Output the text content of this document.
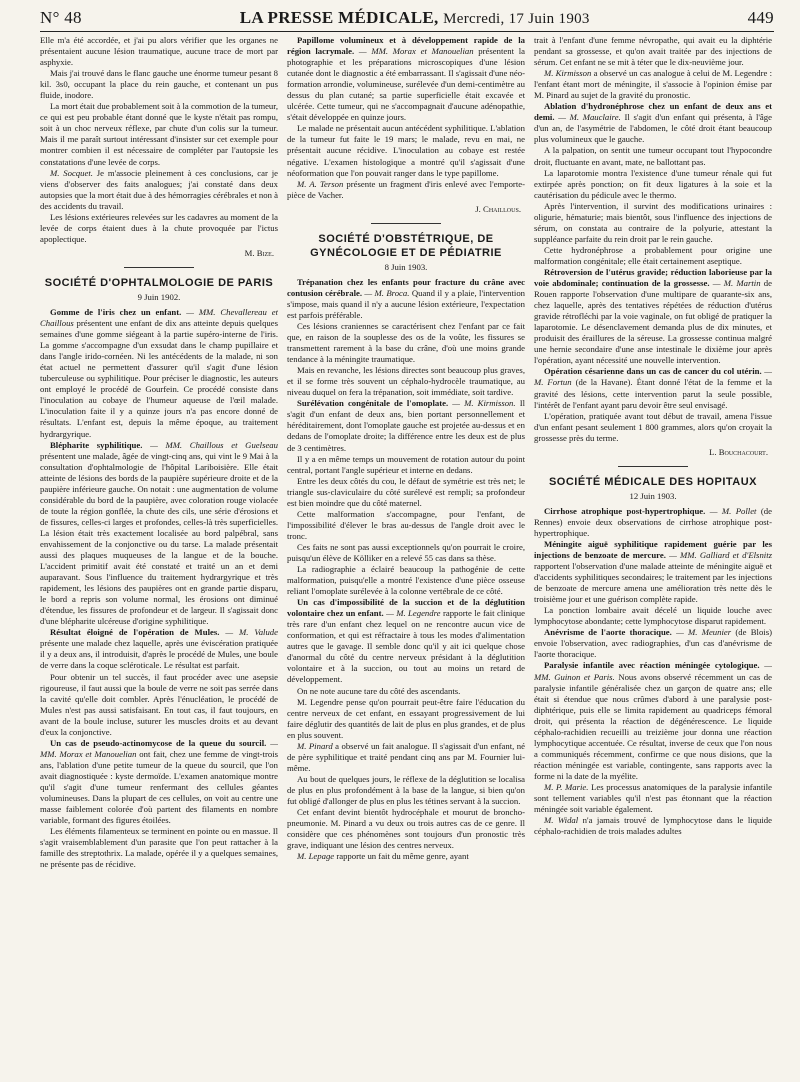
N° 48	LA PRESSE MÉDICALE, Mercredi, 17 Juin 1903	449

Elle m'a été accordée, et j'ai pu alors vérifier que les organes ne présentaient aucune lésion traumatique, aucune trace de mort par asphyxie.

Mais j'ai trouvé dans le flanc gauche une énorme tumeur pesant 8 kil. 3s0, occupant la place du rein gauche, et contenant un pus fluide, inodore.

La mort était due probablement soit à la commotion de la tumeur, ce qui est peu probable étant donné que le kyste n'était pas rompu, soit à un choc nerveux réflexe, par chute d'un colis sur la tumeur. Mais il me paraît surtout intéressant d'insister sur cet exemple pour montrer combien il est nécessaire de compléter par l'autopsie les constatations d'une levée de corps.

M. Socquet. Je m'associe pleinement à ces conclusions, car je viens d'observer des faits analogues; j'ai constaté dans deux autopsies que la mort était due à des hémorragies cérébrales et non à des accidents du travail.

Les lésions extérieures relevées sur les cadavres au moment de la levée de corps étaient dues à la chute provoquée par l'ictus apoplectique.

M. Bize.
SOCIÉTÉ D'OPHTALMOLOGIE DE PARIS
9 Juin 1902.

Gomme de l'iris chez un enfant. — MM. Chevallereau et Chaillous présentent une enfant de dix ans atteinte depuis quelques semaines d'une gomme siégeant à la partie supéro-interne de l'iris. La gomme s'accompagne d'un exsudat dans le champ pupillaire et dans l'angle irido-cornéen. Ni les antécédents de la malade, ni son état actuel ne permettent d'assurer qu'il s'agit d'une lésion tuberculeuse ou syphilitique. Pour préciser le diagnostic, les auteurs ont employé le procédé de Gourfein. Ce procédé consiste dans l'inoculation au cobaye de l'humeur aqueuse de l'œil malade. L'inoculation faite il y a quinze jours n'a pas encore donné de résultats. L'enfant est, depuis la même époque, au traitement hydrargyrique.

Blépharite syphilitique. — MM. Chaillous et Guelseau présentent une malade, âgée de vingt-cinq ans, qui vint le 9 Mai à la consultation d'ophtalmologie de l'hôpital Lariboisière. Elle était atteinte de lésions des bords de la paupière supérieure droite et de la paupière inférieure gauche. On notait : une augmentation de volume considérable du bord de la paupière, avec coloration rouge violacée de toute la région gonflée, la chute des cils, une série d'érosions et de fissures, celles-ci larges et profondes, celles-là très superficielles. La lésion était très exactement localisée au bord palpébral, sans envahissement de la conjonctive ou du tarse. La malade présentait aussi des plaques muqueuses de la langue et de la bouche. L'accident primitif avait été constaté et traité un an et demi auparavant. Sous l'influence du traitement hydrargyrique et très rapidement, les lésions des paupières ont en grande partie disparu, le bord a repris son volume normal, les érosions ont diminué d'étendue, les fissures de profondeur et de largeur. Il s'agissait donc d'une blépharite ulcéreuse d'origine syphilitique.

Résultat éloigné de l'opération de Mules. — M. Valude présente une malade chez laquelle, après une éviscération pratiquée il y a deux ans, il introduisit, d'après le procédé de Mules, une boule de verre dans la coque scléroticale. Le résultat est parfait.

Pour obtenir un tel succès, il faut procéder avec une asepsie rigoureuse, il faut aussi que la boule de verre ne soit pas serrée dans la cavité qu'elle doit combler. Après l'énucléation, le procédé de Mules n'est pas aussi satisfaisant. En tout cas, il faut toujours, en avant de la boule incluse, suturer les muscles droits et au devant d'eux la conjonctive.

Un cas de pseudo-actinomycose de la queue du sourcil. — MM. Morax et Manouelian ont fait, chez une femme de vingt-trois ans, l'ablation d'une petite tumeur de la queue du sourcil, que l'on avait diagnostiquée : kyste dermoïde. L'examen anatomique montre qu'il s'agit d'une tumeur renfermant des cellules géantes volumineuses. Dans la plupart de ces cellules, on voit au centre une masse faiblement colorée d'où partent des filaments en nombre variable, formant des figures étoilées.

Les éléments filamenteux se terminent en pointe ou en massue. Il s'agit vraisemblablement d'un parasite que l'on peut rattacher à la famille des streptothrix. La malade, opérée il y a quelques semaines, ne présente pas de récidive.

Papillome volumineux et à développement rapide de la région lacrymale. — MM. Morax et Manouelian présentent la photographie et les préparations microscopiques d'une lésion cutanée dont le diagnostic a été embarrassant. Il s'agissait d'une néo-formation arrondie, volumineuse, surélevée d'un demi-centimètre au dessus du plan cutané; sa partie superficielle était excavée et ulcérée. Cette tumeur, qui ne s'accompagnait d'aucune adénopathie, s'était développée en quinze jours.

Le malade ne présentait aucun antécédent syphilitique. L'ablation de la tumeur fut faite le 19 mars; le malade, revu en mai, ne présentait aucune récidive. L'inoculation au cobaye est restée négative. L'examen histologique a montré qu'il s'agissait d'une néoformation que l'on pouvait ranger dans le type papillome.

M. A. Terson présente un fragment d'iris enlevé avec l'emporte-pièce de Vacher.

J. Chaillous.
SOCIÉTÉ D'OBSTÉTRIQUE, DE GYNÉCOLOGIE ET DE PÉDIATRIE
8 Juin 1903.

Trépanation chez les enfants pour fracture du crâne avec contusion cérébrale. — M. Broca. Quand il y a plaie, l'intervention s'impose, mais quand il n'y a aucune lésion extérieure, l'expectation est parfois préférable.

Ces lésions craniennes se caractérisent chez l'enfant par ce fait que, en raison de la souplesse des os de la voûte, les fissures se transmettent rarement à la base du crâne, d'où une moins grande tendance à la méningite traumatique.

Mais en revanche, les lésions directes sont beaucoup plus graves, et il se forme très souvent un céphalo-hydrocèle traumatique, au niveau duquel on fera la trépanation, soit immédiate, soit tardive.

Surélévation congénitale de l'omoplate. — M. Kirmisson. Il s'agit d'un enfant de deux ans, bien portant personnellement et héréditairement, dont l'omoplate gauche est projetée au-dessus et en dedans de l'omoplate droite; la différence entre les deux est de plus de 3 centimètres.

Il y a en même temps un mouvement de rotation autour du point central, portant l'angle supérieur et interne en dedans.

Entre les deux côtés du cou, le défaut de symétrie est très net; le triangle sus-claviculaire du côté surélevé est rempli; sa profondeur est bien moindre que du côté maternel.

Cette malformation s'accompagne, pour l'enfant, de l'impossibilité d'élever le bras au-dessus de l'angle droit avec le tronc.

Ces faits ne sont pas aussi exceptionnels qu'on pourrait le croire, puisqu'un élève de Kölliker en a relevé 55 cas dans sa thèse.

La radiographie a éclairé beaucoup la pathogénie de cette malformation, puisqu'elle a montré l'existence d'une pièce osseuse reliant l'omoplate surélevée à la colonne vertébrale de ce côté.

Un cas d'impossibilité de la succion et de la déglutition volontaire chez un enfant. — M. Legendre rapporte le fait clinique très rare d'un enfant chez lequel on ne rencontre aucun vice de conformation, et qui est réfractaire à tous les modes d'alimentation autres que le gavage. Il semble donc qu'il y ait ici quelque chose d'anormal du côté du centre nerveux présidant à la déglutition volontaire et à la succion, ou tout au moins un retard de développement.

On ne note aucune tare du côté des ascendants.

M. Legendre pense qu'on pourrait peut-être faire l'éducation du centre nerveux de cet enfant, en essayant progressivement de lui faire déglutir des quantités de lait de plus en plus grandes, et de plus en plus souvent.

M. Pinard a observé un fait analogue. Il s'agissait d'un enfant, né de père syphilitique et traité pendant cinq ans par M. Fournier lui-même.

Au bout de quelques jours, le réflexe de la déglutition se localisa de plus en plus profondément à la base de la langue, si bien qu'on fut obligé d'allonger de plus en plus les tétines servant à la succion.

Cet enfant devint bientôt hydrocéphale et mourut de broncho-pneumonie. M. Pinard a vu deux ou trois autres cas de ce genre. Il considère que ces phénomènes sont toujours d'un pronostic très grave, indiquant une lésion des centres nerveux.

M. Lepage rapporte un fait du même genre, ayant

trait à l'enfant d'une femme névropathe, qui avait eu la diphtérie pendant sa grossesse, et qu'on avait traitée par des injections de sérum. Cet enfant ne se mit à téter que le dix-neuvième jour.

M. Kirmisson a observé un cas analogue à celui de M. Legendre : l'enfant étant mort de méningite, il s'associe à l'opinion émise par M. Pinard au sujet de la gravité du pronostic.

Ablation d'hydronéphrose chez un enfant de deux ans et demi. — M. Mauclaire. Il s'agit d'un enfant qui présenta, à l'âge d'un an, de l'asymétrie de l'abdomen, le côté droit étant beaucoup plus volumineux que le gauche.

A la palpation, on sentit une tumeur occupant tout l'hypocondre droit, fluctuante en avant, mate, ne ballottant pas.

La laparotomie montra l'existence d'une tumeur rénale qui fut extirpée après ponction; on fit deux ligatures à la soie et la cautérisation du pédicule avec le thermo.

Après l'intervention, il survint des modifications urinaires : oligurie, hématurie; mais bientôt, sous l'influence des injections de sérum, on constata au contraire de la polyurie, attestant la suppléance parfaite du rein droit par le rein gauche.

Cette hydronéphrose a probablement pour origine une malformation congénitale; elle était certainement aseptique.

Rétroversion de l'utérus gravide; réduction laborieuse par la voie abdominale; continuation de la grossesse. — M. Martin de Rouen rapporte l'observation d'une multipare de quarante-six ans, chez laquelle, après des tentatives répétées de réduction d'utérus gravide rétrofléchi par la voie vaginale, on fut obligé de pratiquer la laparotomie. Le désenclavement demanda plus de dix minutes, et produisit des éraillures de la séreuse. La grossesse continua malgré une hernie secondaire d'une anse intestinale le dixième jour après l'opération, ayant nécessité une nouvelle intervention.

Opération césarienne dans un cas de cancer du col utérin. — M. Fortun (de la Havane). Étant donné l'état de la femme et la gravité des lésions, cette intervention parut la seule possible, l'intérêt de l'enfant ayant paru devoir être seul envisagé.

L'opération, pratiquée avant tout début de travail, amena l'issue d'un enfant pesant seulement 1 800 grammes, alors qu'on croyait la grossesse près du terme.

L. Bouchacourt.
SOCIÉTÉ MÉDICALE DES HOPITAUX
12 Juin 1903.

Cirrhose atrophique post-hypertrophique. — M. Pollet (de Rennes) envoie deux observations de cirrhose atrophique post-hypertrophique.

Méningite aiguë syphilitique rapidement guérie par les injections de benzoate de mercure. — MM. Galliard et d'Elsnitz rapportent l'observation d'une malade atteinte de méningite aiguë et d'accidents syphilitiques secondaires; le traitement par les injections de benzoate de mercure amena une amélioration très nette dès le troisième jour et une guérison complète rapide.

La ponction lombaire avait décelé un liquide louche avec lymphocytose abondante; cette lymphocytose disparut rapidement.

Anévrisme de l'aorte thoracique. — M. Meunier (de Blois) envoie l'observation, avec radiographies, d'un cas d'anévrisme de l'aorte thoracique.

Paralysie infantile avec réaction méningée cytologique. — MM. Guinon et Paris. Nous avons observé récemment un cas de paralysie infantile généralisée chez un garçon de quatre ans; elle était si étendue que nous crûmes d'abord à une paralysie post-diphtérique, puis elle se limita rapidement au quadriceps fémoral droit, qui présenta la réaction de dégénérescence. Le liquide céphalo-rachidien recueilli au treizième jour donna une réaction lymphocytique accentuée. Ce résultat, inverse de ceux que l'on nous a communiqués récemment, confirme ce que nous disions, que la réaction méningée est variable, contingente, sans rapports avec la forme ni la date de la myélite.

M. P. Marie. Les processus anatomiques de la paralysie infantile sont tellement variables qu'il n'est pas étonnant que la réaction méningée soit variable également.

M. Widal n'a jamais trouvé de lymphocytose dans le liquide céphalo-rachidien de trois malades adultes
